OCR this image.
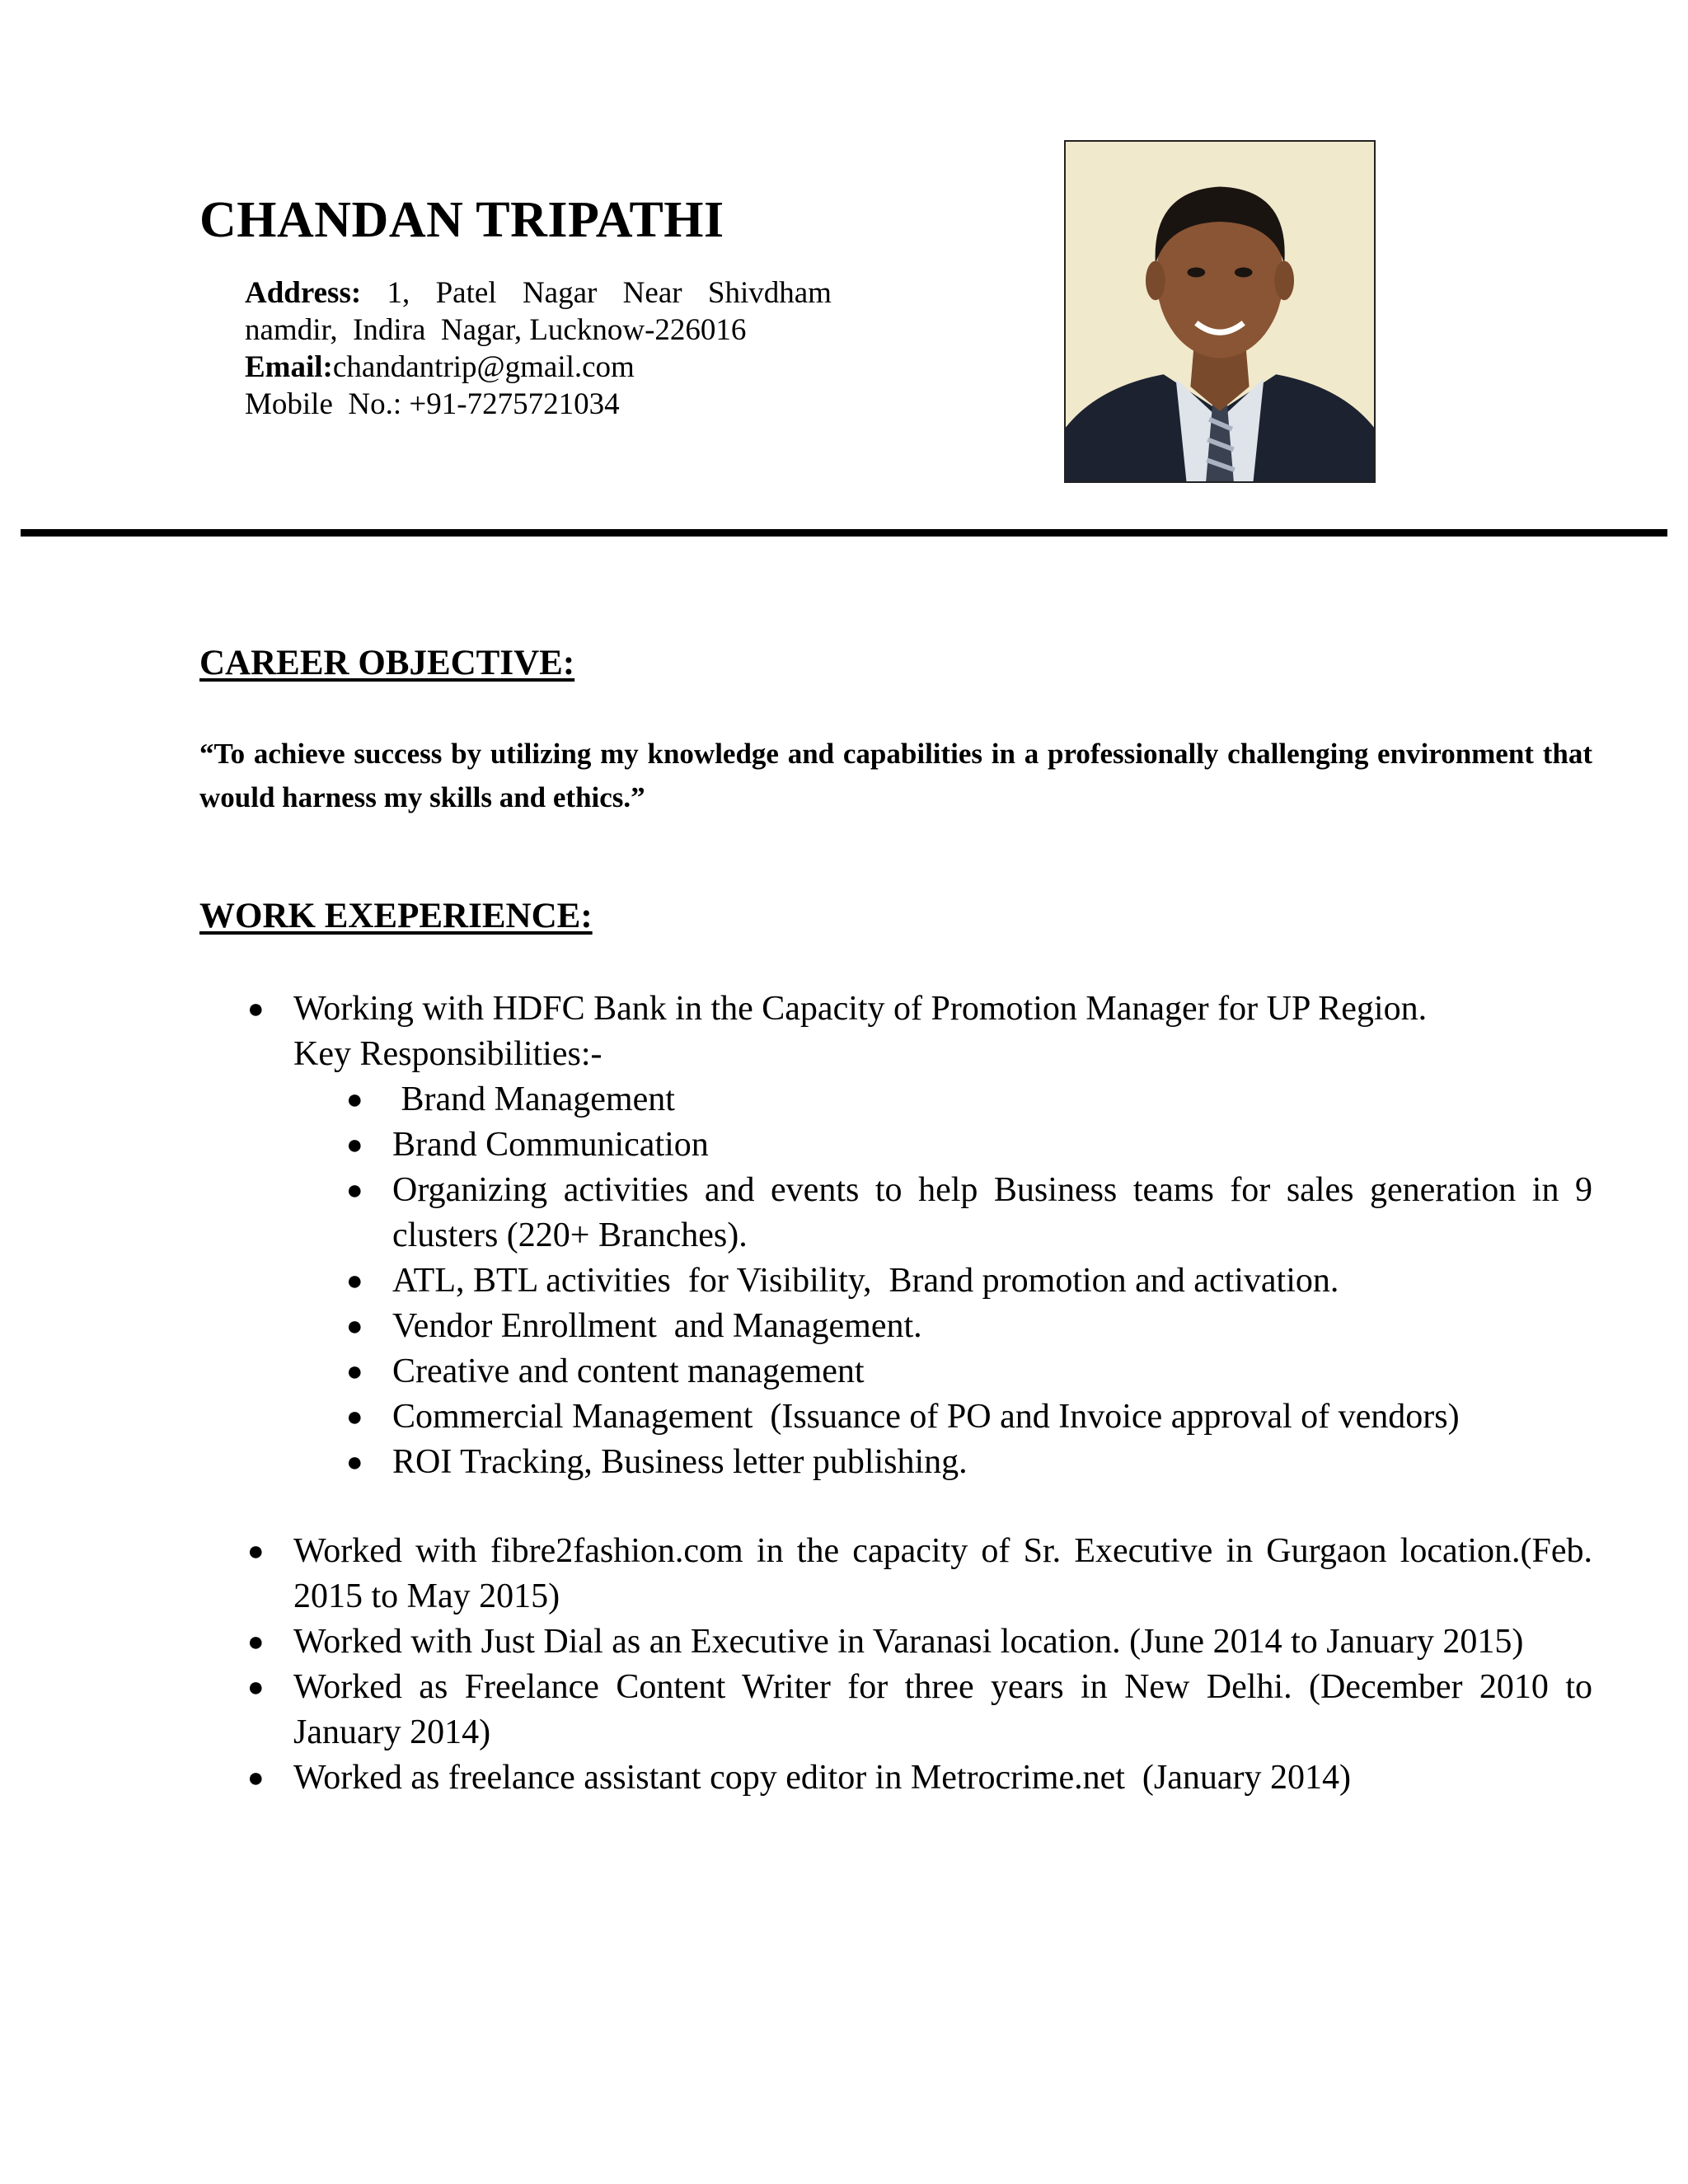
CHANDAN TRIPATHI
Address: 1, Patel Nagar Near Shivdham
namdir,  Indira  Nagar, Lucknow-226016
Email:chandantrip@gmail.com
Mobile  No.: +91-7275721034
CAREER OBJECTIVE:

“To achieve success by utilizing my knowledge and capabilities in a professionally challenging environment that would harness my skills and ethics.”

WORK EXEPERIENCE:
● Working with HDFC Bank in the Capacity of Promotion Manager for UP Region.
Key Responsibilities:-
● Brand Management
● Brand Communication
● Organizing activities and events to help Business teams for sales generation in 9 clusters (220+ Branches).
● ATL, BTL activities  for Visibility,  Brand promotion and activation.
● Vendor Enrollment  and Management.
● Creative and content management
● Commercial Management  (Issuance of PO and Invoice approval of vendors)
● ROI Tracking, Business letter publishing.
● Worked with fibre2fashion.com in the capacity of Sr. Executive in Gurgaon location.(Feb. 2015 to May 2015)
● Worked with Just Dial as an Executive in Varanasi location. (June 2014 to January 2015)
● Worked as Freelance Content Writer for three years in New Delhi. (December 2010 to January 2014)
● Worked as freelance assistant copy editor in Metrocrime.net  (January 2014)
